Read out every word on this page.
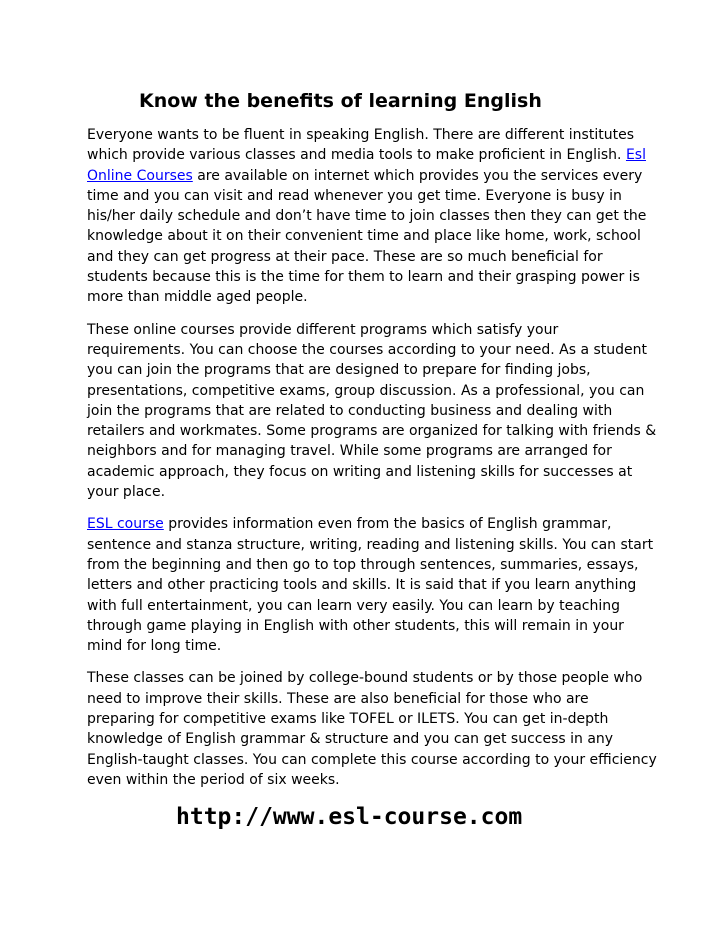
Know the benefits of learning English

Everyone wants to be fluent in speaking English. There are different institutes which provide various classes and media tools to make proficient in English. Esl Online Courses are available on internet which provides you the services every time and you can visit and read whenever you get time. Everyone is busy in his/her daily schedule and don’t have time to join classes then they can get the knowledge about it on their convenient time and place like home, work, school and they can get progress at their pace. These are so much beneficial for students because this is the time for them to learn and their grasping power is more than middle aged people.

These online courses provide different programs which satisfy your requirements. You can choose the courses according to your need. As a student you can join the programs that are designed to prepare for finding jobs, presentations, competitive exams, group discussion. As a professional, you can join the programs that are related to conducting business and dealing with retailers and workmates. Some programs are organized for talking with friends & neighbors and for managing travel. While some programs are arranged for academic approach, they focus on writing and listening skills for successes at your place.

ESL course provides information even from the basics of English grammar, sentence and stanza structure, writing, reading and listening skills. You can start from the beginning and then go to top through sentences, summaries, essays, letters and other practicing tools and skills. It is said that if you learn anything with full entertainment, you can learn very easily. You can learn by teaching through game playing in English with other students, this will remain in your mind for long time.

These classes can be joined by college-bound students or by those people who need to improve their skills. These are also beneficial for those who are preparing for competitive exams like TOFEL or ILETS. You can get in-depth knowledge of English grammar & structure and you can get success in any English-taught classes. You can complete this course according to your efficiency even within the period of six weeks.

http://www.esl-course.com
